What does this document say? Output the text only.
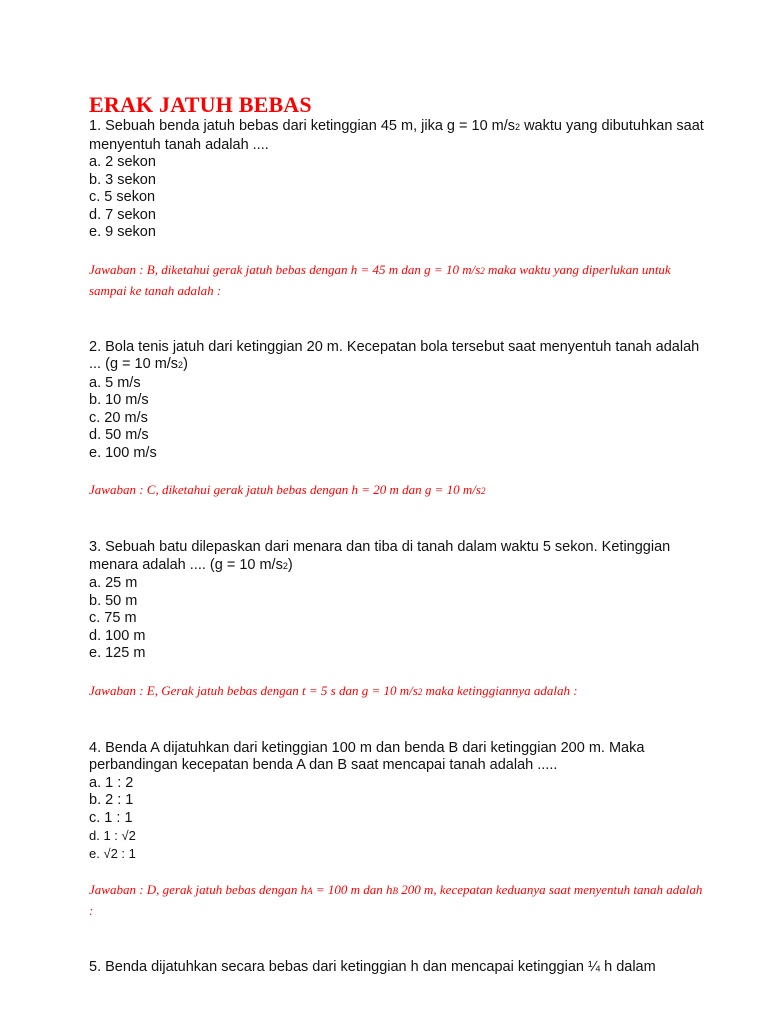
ERAK JATUH BEBAS

1. Sebuah benda jatuh bebas dari ketinggian 45 m, jika g = 10 m/s2 waktu yang dibutuhkan saat menyentuh tanah adalah ....
a. 2 sekon
b. 3 sekon
c. 5 sekon
d. 7 sekon
e. 9 sekon

Jawaban : B, diketahui gerak jatuh bebas dengan h = 45 m dan g = 10 m/s2 maka waktu yang diperlukan untuk sampai ke tanah adalah :

2. Bola tenis jatuh dari ketinggian 20 m. Kecepatan bola tersebut saat menyentuh tanah adalah ... (g = 10 m/s2)
a. 5 m/s
b. 10 m/s
c. 20 m/s
d. 50 m/s
e. 100 m/s

Jawaban : C, diketahui gerak jatuh bebas dengan h = 20 m dan g = 10 m/s2

3. Sebuah batu dilepaskan dari menara dan tiba di tanah dalam waktu 5 sekon. Ketinggian menara adalah .... (g = 10 m/s2)
a. 25 m
b. 50 m
c. 75 m
d. 100 m
e. 125 m

Jawaban : E, Gerak jatuh bebas dengan t = 5 s dan g = 10 m/s2 maka ketinggiannya adalah :

4. Benda A dijatuhkan dari ketinggian 100 m dan benda B dari ketinggian 200 m. Maka perbandingan kecepatan benda A dan B saat mencapai tanah adalah .....
a. 1 : 2
b. 2 : 1
c. 1 : 1
d. 1 : √2
e. √2 : 1

Jawaban : D, gerak jatuh bebas dengan hA = 100 m dan hB 200 m, kecepatan keduanya saat menyentuh tanah adalah :

5. Benda dijatuhkan secara bebas dari ketinggian h dan mencapai ketinggian ¼ h dalam
